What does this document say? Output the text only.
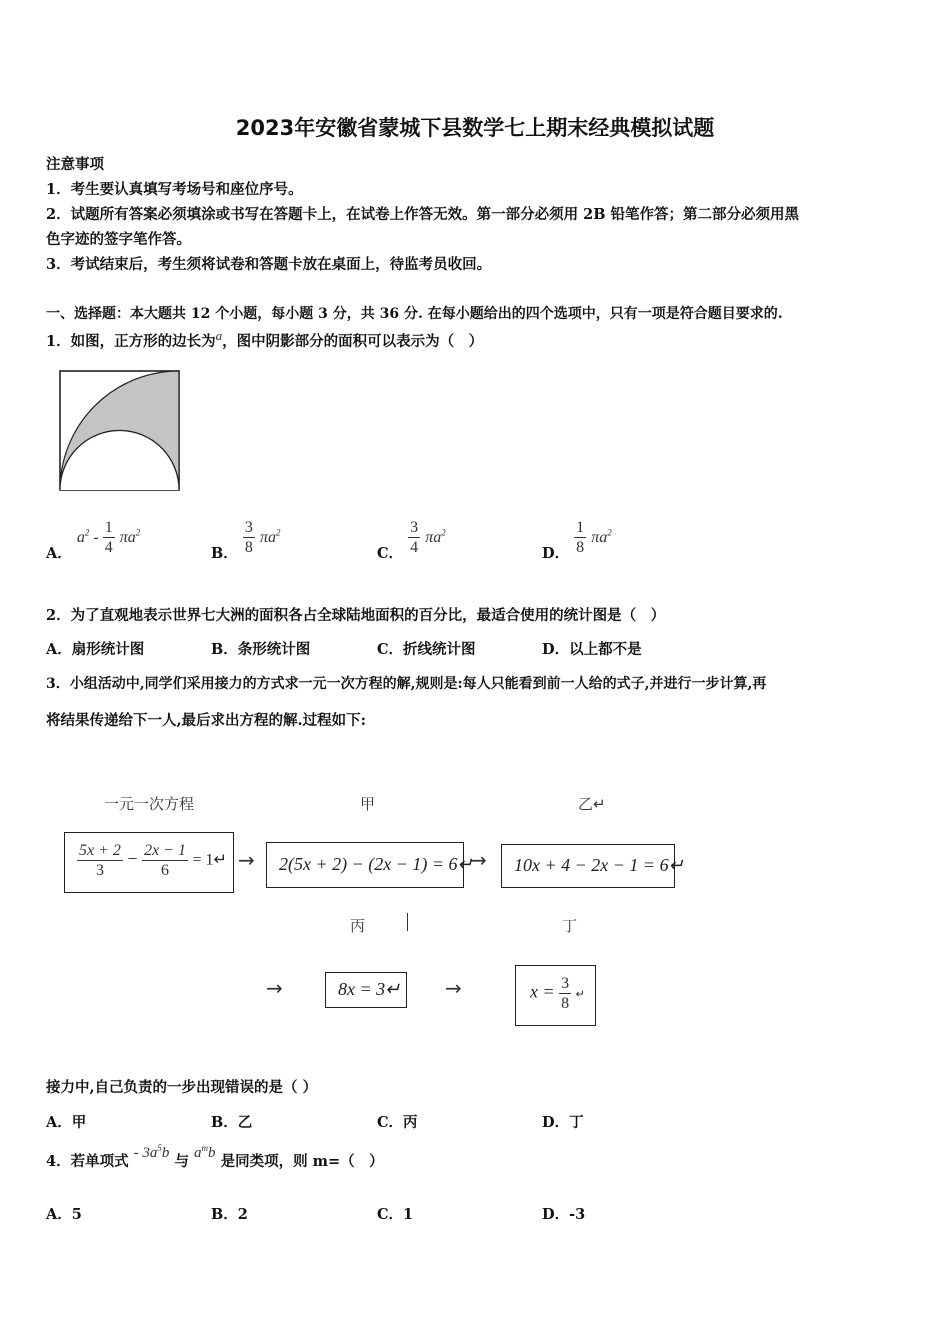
2023年安徽省蒙城下县数学七上期末经典模拟试题
注意事项
1．考生要认真填写考场号和座位序号。
2．试题所有答案必须填涂或书写在答题卡上，在试卷上作答无效。第一部分必须用 2B 铅笔作答；第二部分必须用黑
色字迹的签字笔作答。
3．考试结束后，考生须将试卷和答题卡放在桌面上，待监考员收回。
一、选择题：本大题共 12 个小题，每小题 3 分，共 36 分. 在每小题给出的四个选项中，只有一项是符合题目要求的.
1．如图，正方形的边长为$^a$，图中阴影部分的面积可以表示为（　）
A． $a^2 - \frac{1}{4} \pi a^2$
B． $\frac{3}{8} \pi a^2$
C． $\frac{3}{4} \pi a^2$
D． $\frac{1}{8} \pi a^2$
2．为了直观地表示世界七大洲的面积各占全球陆地面积的百分比，最适合使用的统计图是（　）
A．扇形统计图	B．条形统计图	C．折线统计图	D．以上都不是
3．小组活动中,同学们采用接力的方式求一元一次方程的解,规则是:每人只能看到前一人给的式子,并进行一步计算,再
将结果传递给下一人,最后求出方程的解.过程如下:
一元一次方程	甲	乙↵
$\frac{5x + 2}{3} - \frac{2x - 1}{6}$ = 1↵ → 2(5x + 2) − (2x − 1) = 6↵
→ 10x + 4 − 2x − 1 = 6↵
丙	丁
→	8x = 3↵ →	$x = \frac{3}{8}$ ↵
接力中,自己负责的一步出现错误的是（ ）
A．甲	B．乙	C．丙	D．丁
4．若单项式 - $3a^5b$ 与 $a^mb$ 是同类项，则 m=（　）
A．5	B．2	C．1	D．-3
